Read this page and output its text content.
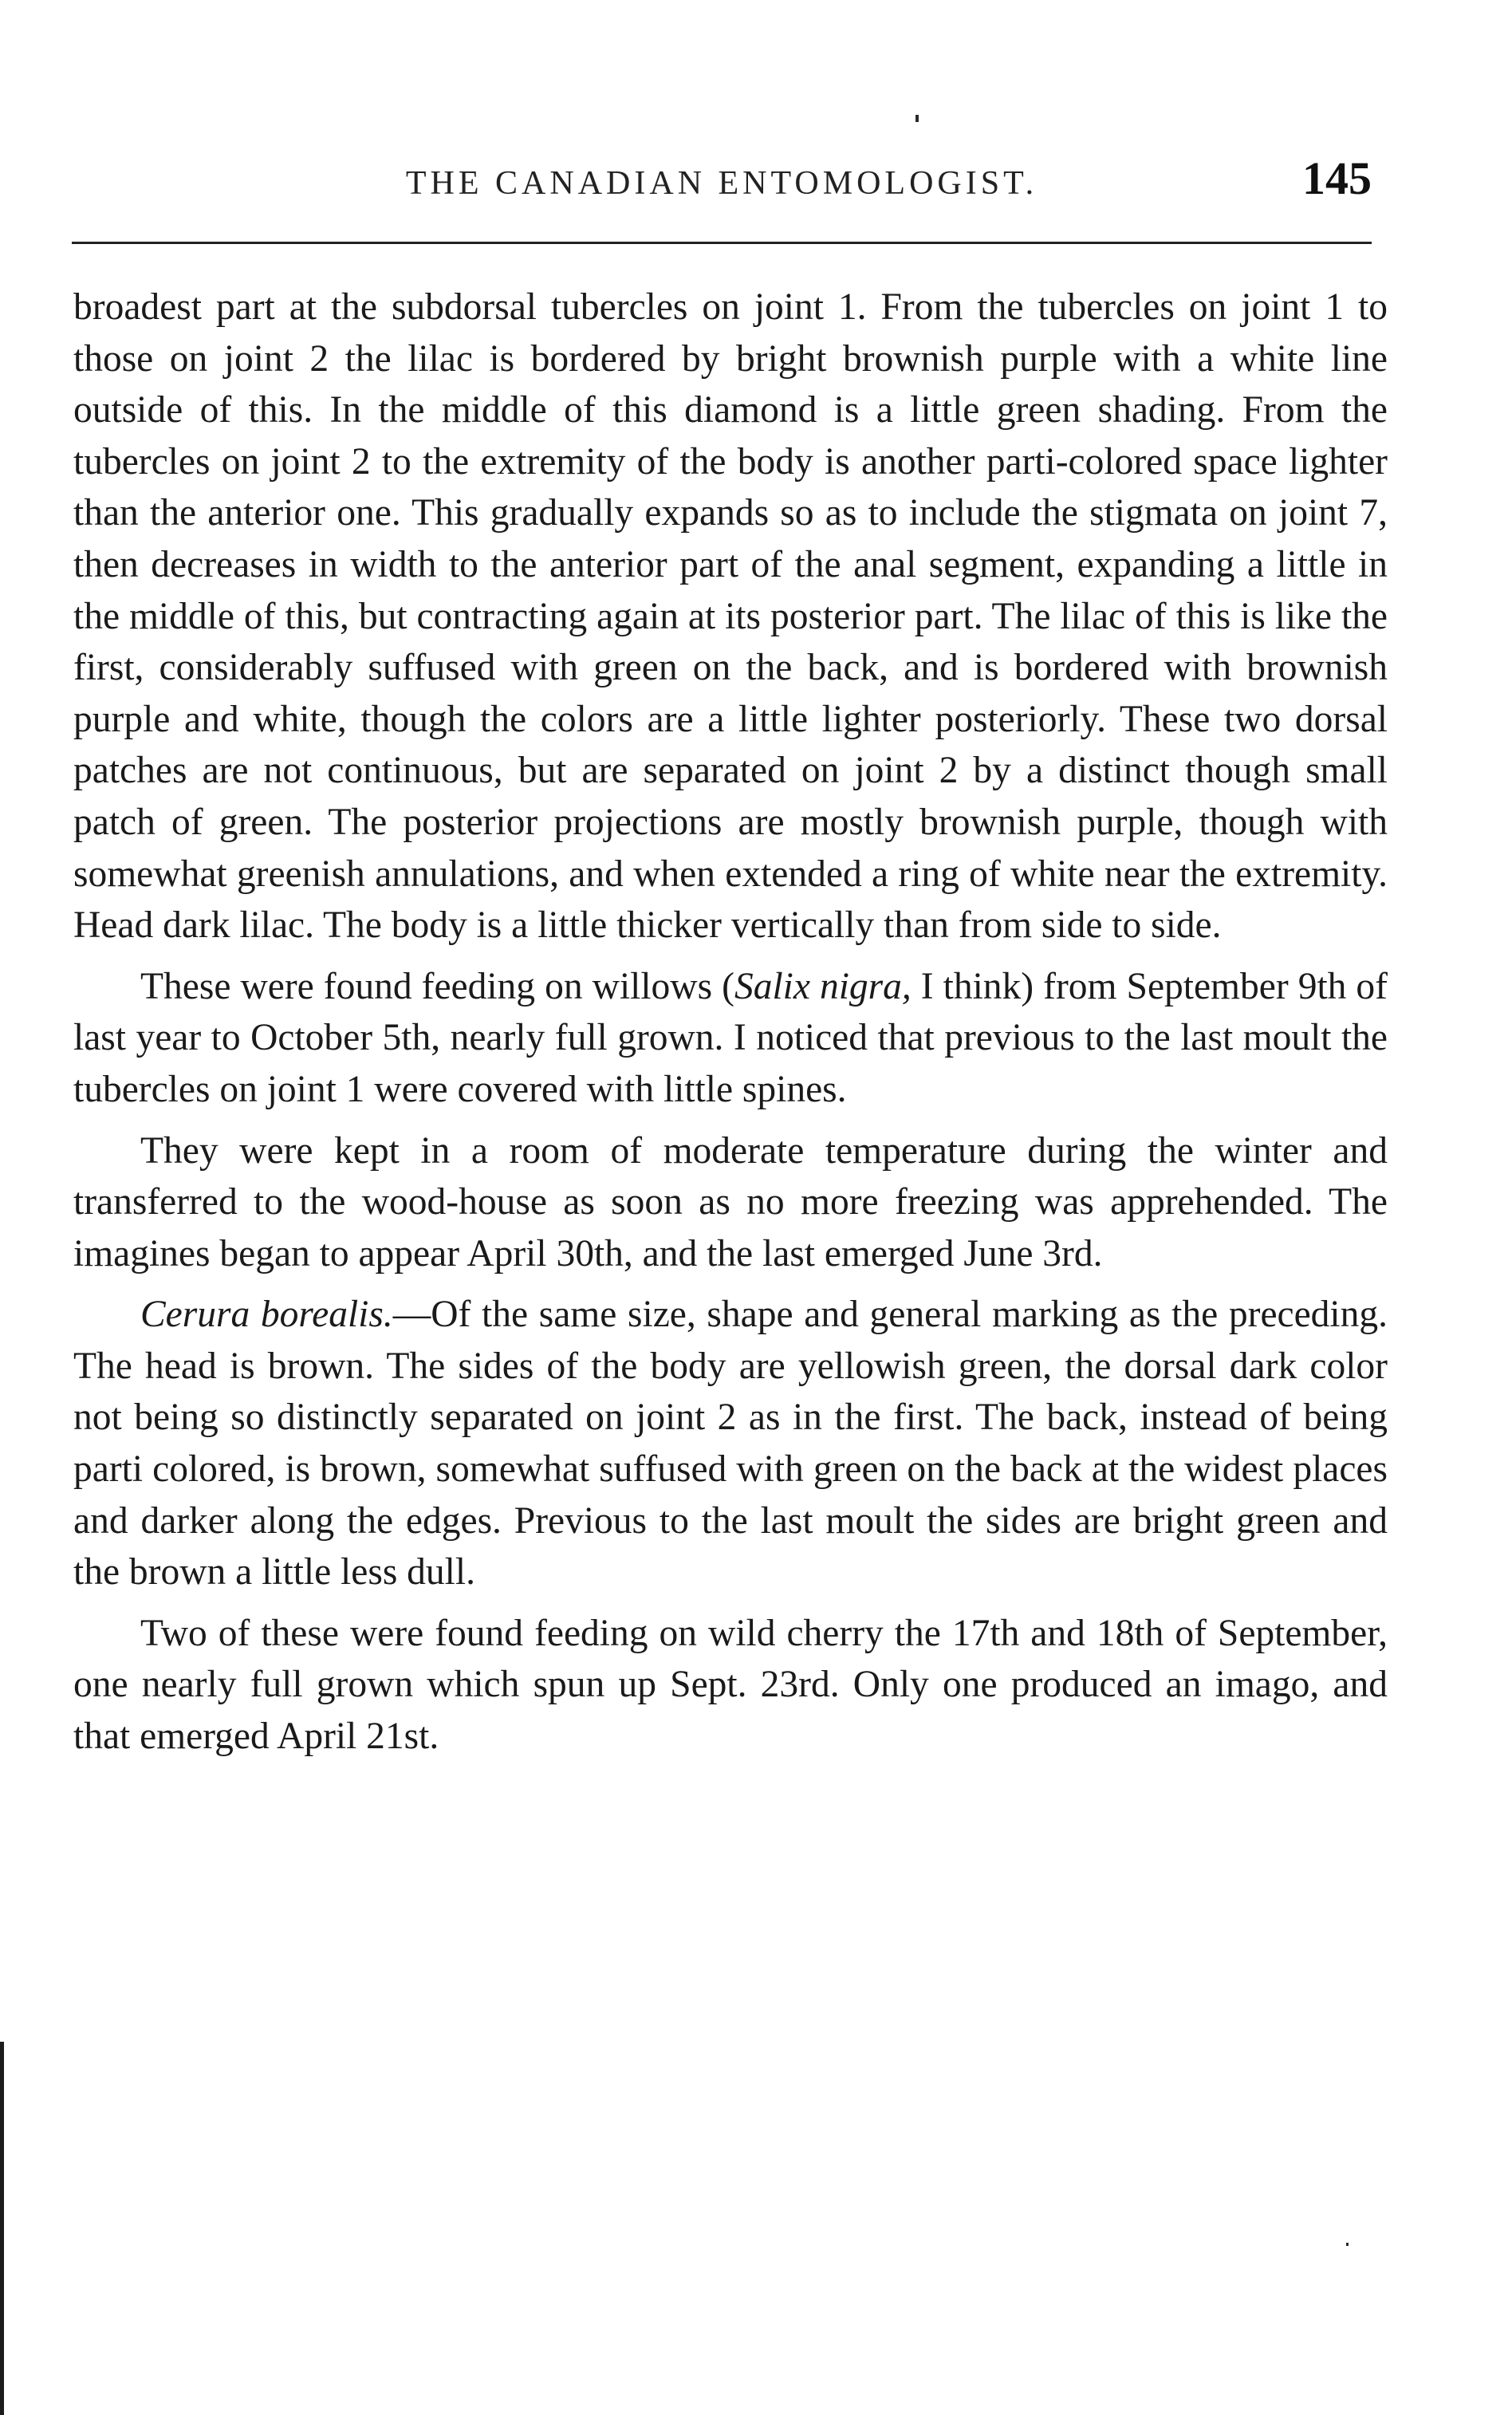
THE CANADIAN ENTOMOLOGIST.	145

broadest part at the subdorsal tubercles on joint 1. From the tubercles on joint 1 to those on joint 2 the lilac is bordered by bright brownish purple with a white line outside of this. In the middle of this diamond is a little green shading. From the tubercles on joint 2 to the extremity of the body is another parti-colored space lighter than the anterior one. This gradually expands so as to include the stigmata on joint 7, then decreases in width to the anterior part of the anal segment, expanding a little in the middle of this, but contracting again at its posterior part. The lilac of this is like the first, considerably suffused with green on the back, and is bordered with brownish purple and white, though the colors are a little lighter posteriorly. These two dorsal patches are not continuous, but are separated on joint 2 by a distinct though small patch of green. The posterior projections are mostly brownish purple, though with somewhat greenish annulations, and when extended a ring of white near the extremity. Head dark lilac. The body is a little thicker vertically than from side to side.

These were found feeding on willows (Salix nigra, I think) from September 9th of last year to October 5th, nearly full grown. I noticed that previous to the last moult the tubercles on joint 1 were covered with little spines.

They were kept in a room of moderate temperature during the winter and transferred to the wood-house as soon as no more freezing was apprehended. The imagines began to appear April 30th, and the last emerged June 3rd.

Cerura borealis.—Of the same size, shape and general marking as the preceding. The head is brown. The sides of the body are yellowish green, the dorsal dark color not being so distinctly separated on joint 2 as in the first. The back, instead of being parti colored, is brown, somewhat suffused with green on the back at the widest places and darker along the edges. Previous to the last moult the sides are bright green and the brown a little less dull.

Two of these were found feeding on wild cherry the 17th and 18th of September, one nearly full grown which spun up Sept. 23rd. Only one produced an imago, and that emerged April 21st.
